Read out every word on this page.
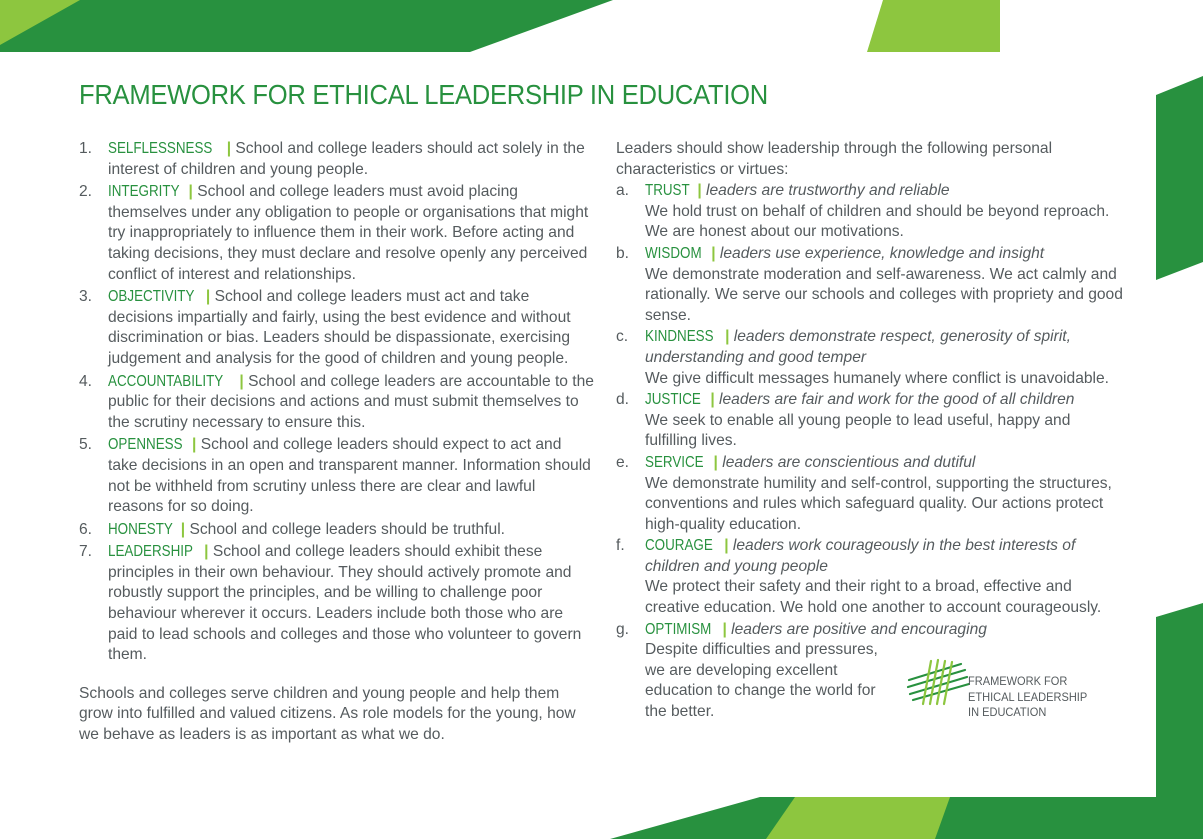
FRAMEWORK FOR ETHICAL LEADERSHIP IN EDUCATION
1. SELFLESSNESS | School and college leaders should act solely in the interest of children and young people.
2. INTEGRITY | School and college leaders must avoid placing themselves under any obligation to people or organisations that might try inappropriately to influence them in their work. Before acting and taking decisions, they must declare and resolve openly any perceived conflict of interest and relationships.
3. OBJECTIVITY | School and college leaders must act and take decisions impartially and fairly, using the best evidence and without discrimination or bias. Leaders should be dispassionate, exercising judgement and analysis for the good of children and young people.
4. ACCOUNTABILITY | School and college leaders are accountable to the public for their decisions and actions and must submit themselves to the scrutiny necessary to ensure this.
5. OPENNESS | School and college leaders should expect to act and take decisions in an open and transparent manner. Information should not be withheld from scrutiny unless there are clear and lawful reasons for so doing.
6. HONESTY | School and college leaders should be truthful.
7. LEADERSHIP | School and college leaders should exhibit these principles in their own behaviour. They should actively promote and robustly support the principles, and be willing to challenge poor behaviour wherever it occurs. Leaders include both those who are paid to lead schools and colleges and those who volunteer to govern them.

Schools and colleges serve children and young people and help them grow into fulfilled and valued citizens. As role models for the young, how we behave as leaders is as important as what we do.

Leaders should show leadership through the following personal characteristics or virtues:

a. TRUST | leaders are trustworthy and reliable
We hold trust on behalf of children and should be beyond reproach. We are honest about our motivations.
b. WISDOM | leaders use experience, knowledge and insight
We demonstrate moderation and self-awareness. We act calmly and rationally. We serve our schools and colleges with propriety and good sense.
c. KINDNESS | leaders demonstrate respect, generosity of spirit, understanding and good temper
We give difficult messages humanely where conflict is unavoidable.
d. JUSTICE | leaders are fair and work for the good of all children
We seek to enable all young people to lead useful, happy and fulfilling lives.
e. SERVICE | leaders are conscientious and dutiful
We demonstrate humility and self-control, supporting the structures, conventions and rules which safeguard quality. Our actions protect high-quality education.
f. COURAGE | leaders work courageously in the best interests of children and young people
We protect their safety and their right to a broad, effective and creative education. We hold one another to account courageously.
g. OPTIMISM | leaders are positive and encouraging
Despite difficulties and pressures, we are developing excellent education to change the world for the better.
FRAMEWORK FOR
ETHICAL LEADERSHIP
IN EDUCATION
